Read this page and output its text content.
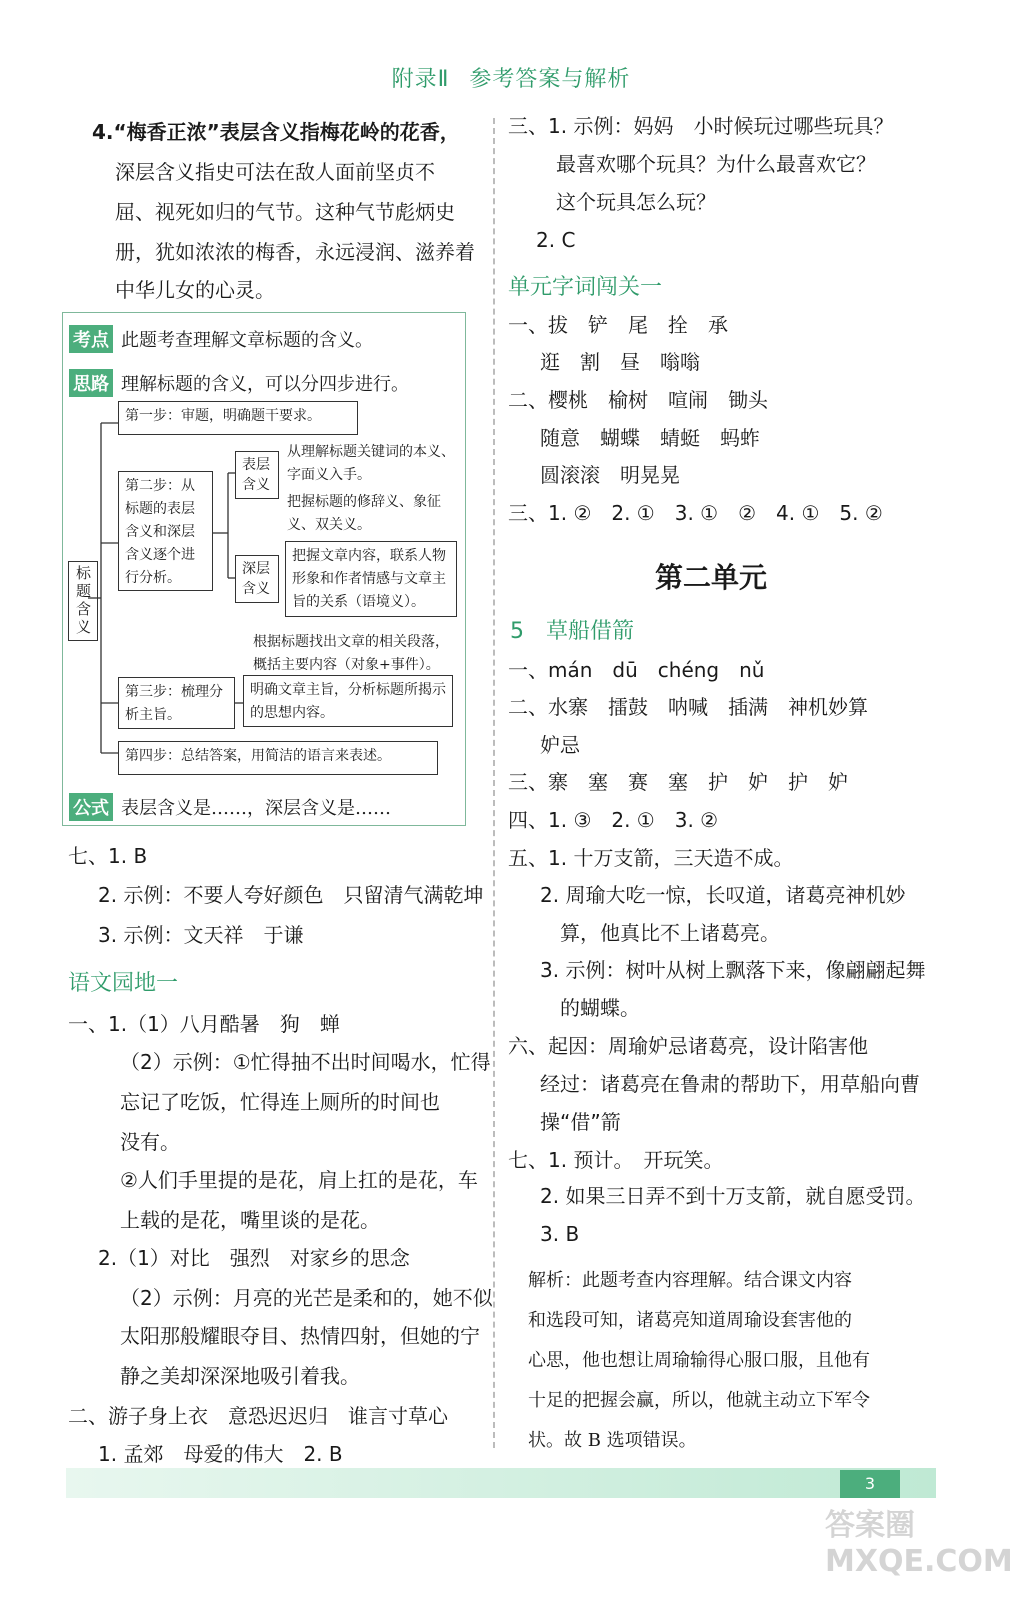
附录Ⅱ 参考答案与解析
4.“梅香正浓”表层含义指梅花岭的花香，
深层含义指史可法在敌人面前坚贞不
屈、视死如归的气节。这种气节彪炳史
册，犹如浓浓的梅香，永远浸润、滋养着
中华儿女的心灵。
考点 此题考查理解文章标题的含义。
思路 理解标题的含义，可以分四步进行。
标题含义
第一步：审题，明确题干要求。
第二步：从标题的表层含义和深层含义逐个进行分析。
表层含义
从理解标题关键词的本义、字面义入手。
把握标题的修辞义、象征义、双关义。
深层含义
把握文章内容，联系人物形象和作者情感与文章主旨的关系（语境义）。
根据标题找出文章的相关段落，概括主要内容（对象+事件）。
第三步：梳理分析主旨。
明确文章主旨，分析标题所揭示的思想内容。
第四步：总结答案，用简洁的语言来表述。
公式 表层含义是……，深层含义是……
七、1. B
2. 示例：不要人夸好颜色　只留清气满乾坤
3. 示例：文天祥　于谦
语文园地一
一、1.（1）八月酷暑　狗　蝉
（2）示例：①忙得抽不出时间喝水，忙得
忘记了吃饭，忙得连上厕所的时间也
没有。
②人们手里提的是花，肩上扛的是花，车
上载的是花，嘴里谈的是花。
2.（1）对比　强烈　对家乡的思念
（2）示例：月亮的光芒是柔和的，她不似
太阳那般耀眼夺目、热情四射，但她的宁
静之美却深深地吸引着我。
二、游子身上衣　意恐迟迟归　谁言寸草心
1. 孟郊　母爱的伟大　2. B
三、1. 示例：妈妈　小时候玩过哪些玩具？
最喜欢哪个玩具？为什么最喜欢它？
这个玩具怎么玩？
2. C
单元字词闯关一
一、拔　铲　尾　拴　承
逛　割　昼　嗡嗡
二、樱桃　榆树　喧闹　锄头
随意　蝴蝶　蜻蜓　蚂蚱
圆滚滚　明晃晃
三、1. ②　2. ①　3. ①　②　4. ①　5. ②
第二单元
5　草船借箭
一、mán　dū　chéng　nǔ
二、水寨　擂鼓　呐喊　插满　神机妙算
妒忌
三、寨　塞　赛　塞　护　妒　护　妒
四、1. ③　2. ①　3. ②
五、1. 十万支箭，三天造不成。
2. 周瑜大吃一惊，长叹道，诸葛亮神机妙
算，他真比不上诸葛亮。
3. 示例：树叶从树上飘落下来，像翩翩起舞
的蝴蝶。
六、起因：周瑜妒忌诸葛亮，设计陷害他
经过：诸葛亮在鲁肃的帮助下，用草船向曹
操“借”箭
七、1. 预计。　开玩笑。
2. 如果三日弄不到十万支箭，就自愿受罚。
3. B
解析：此题考查内容理解。结合课文内容
和选段可知，诸葛亮知道周瑜设套害他的
心思，他也想让周瑜输得心服口服，且他有
十足的把握会赢，所以，他就主动立下军令
状。故 B 选项错误。
3
答案圈 MXQE.COM
